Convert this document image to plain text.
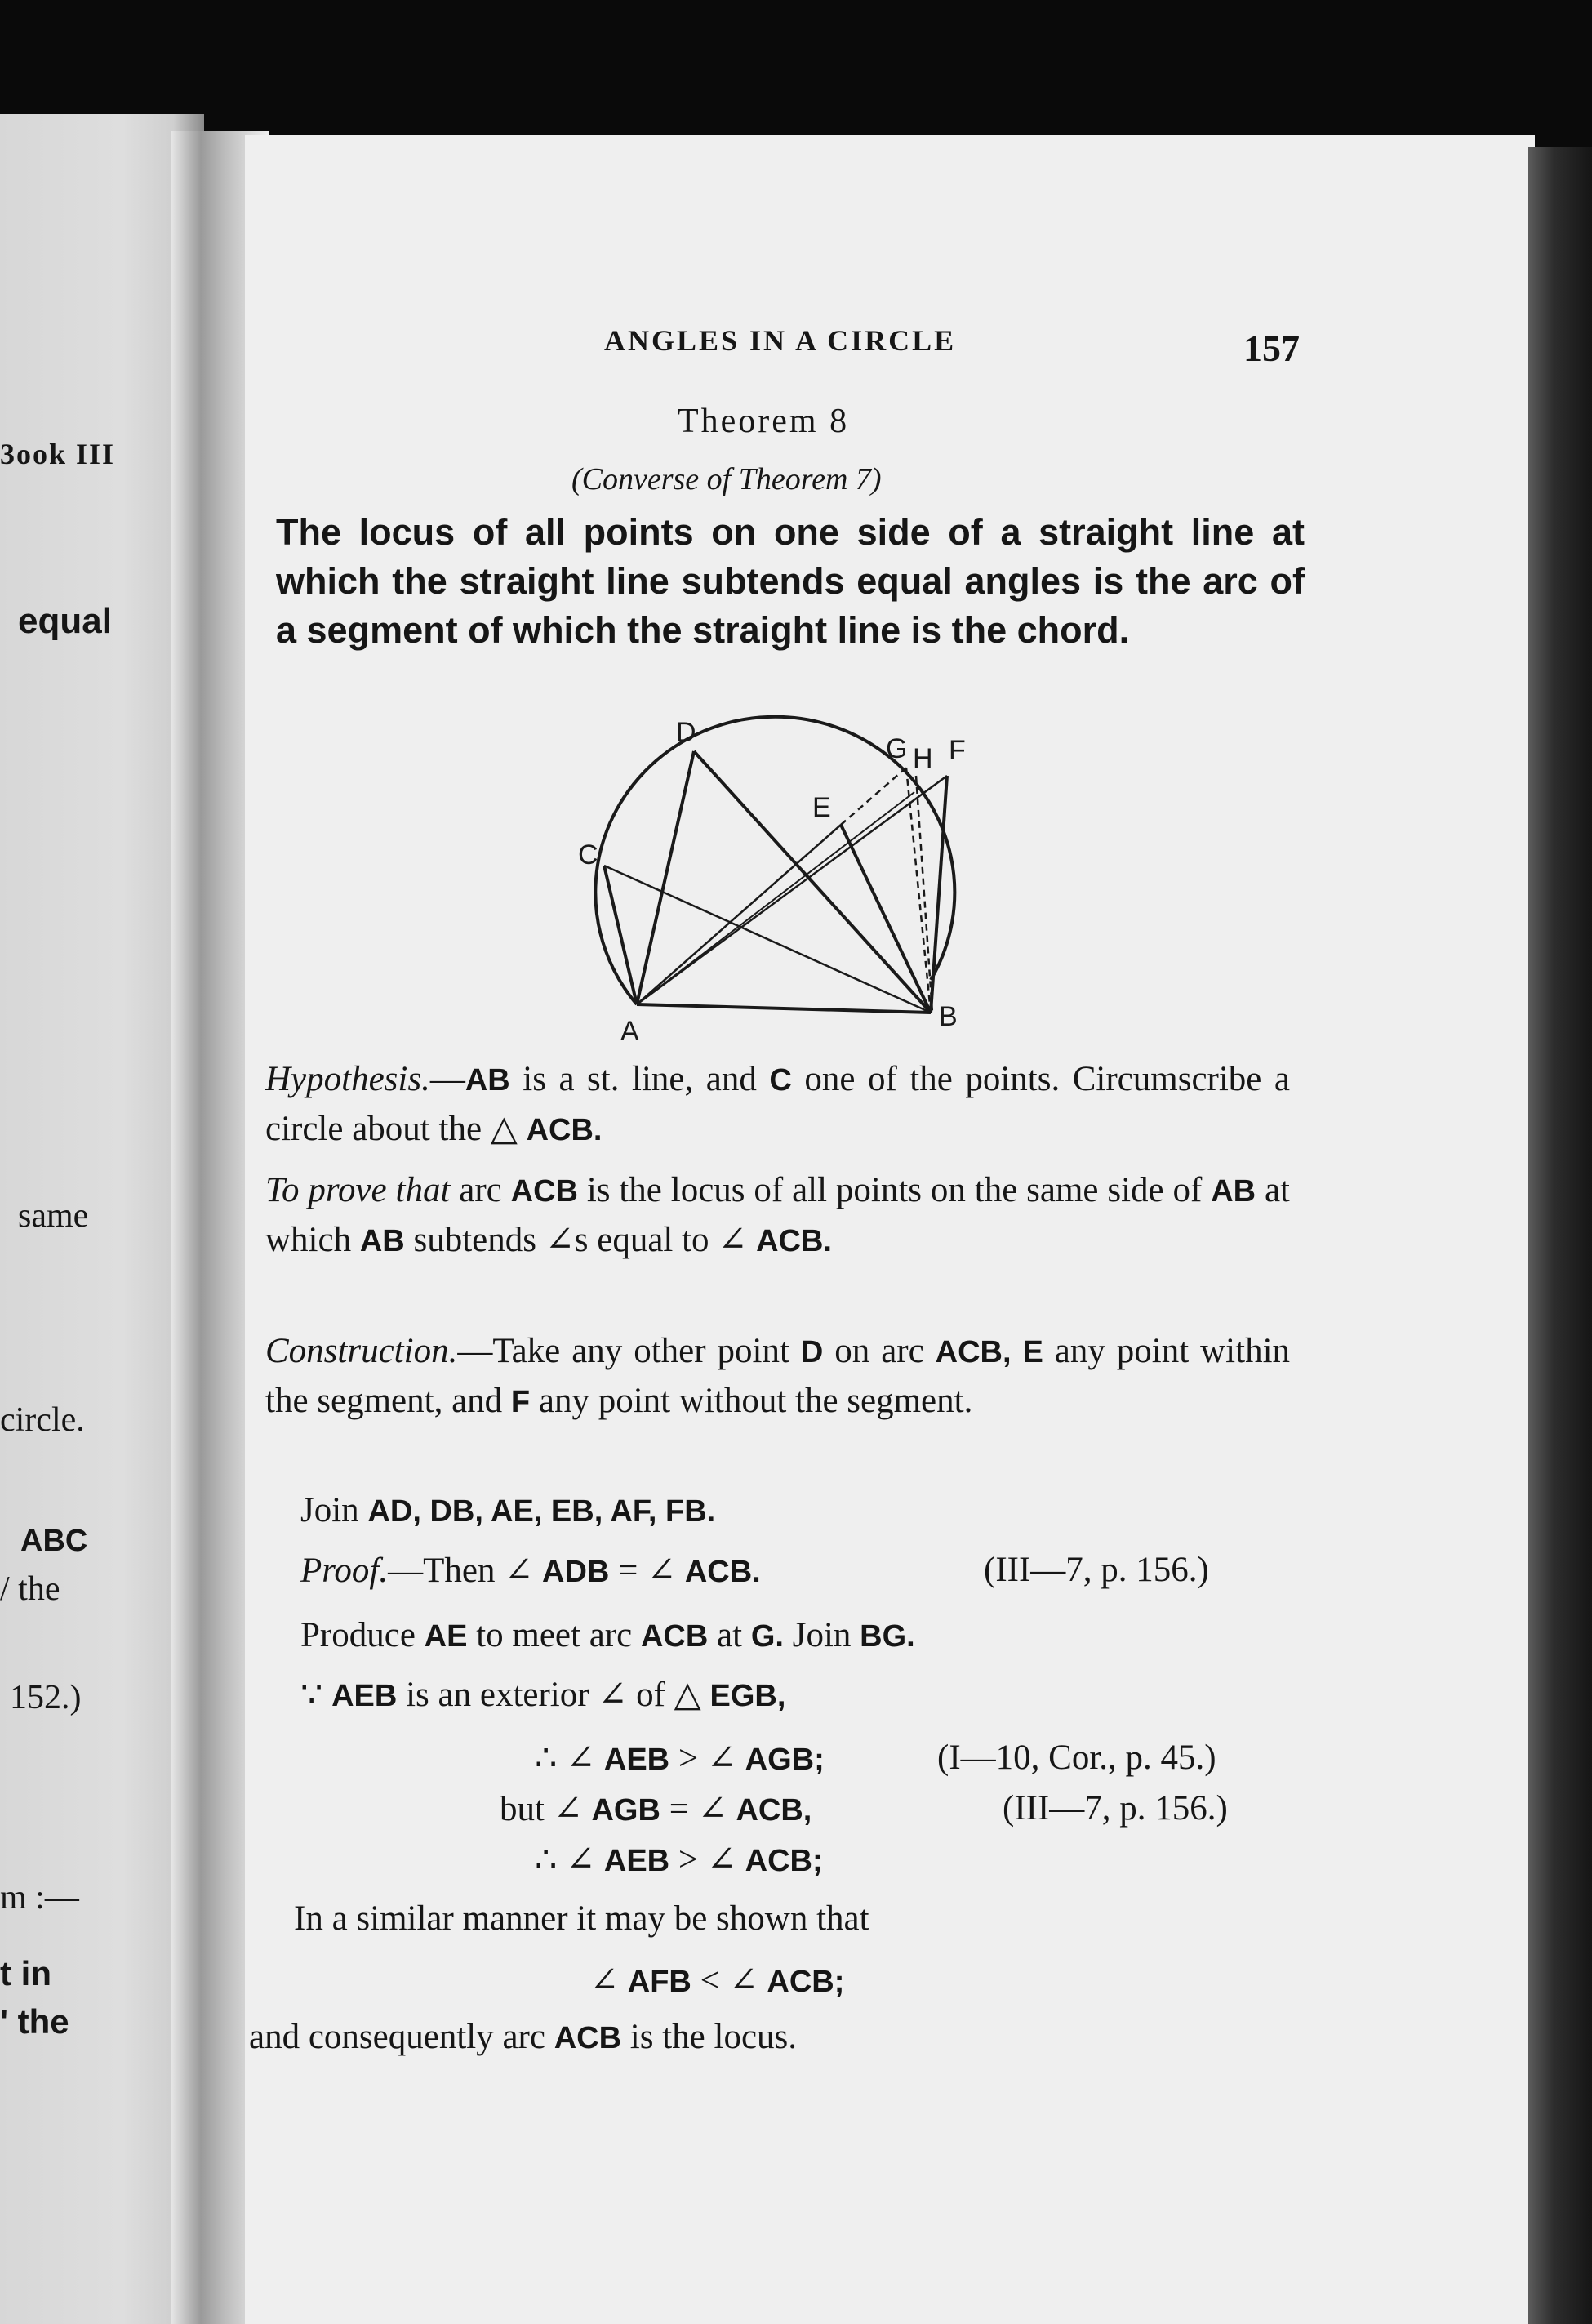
3ook III
equal
same
circle.
ABC
/ the
152.)
m :—
t in
' the
ANGLES IN A CIRCLE	157
Theorem 8
(Converse of Theorem 7)
The locus of all points on one side of a straight line at which the straight line subtends equal angles is the arc of a segment of which the straight line is the chord.
D
G H F
E
C
A	B
Hypothesis.—AB is a st. line, and C one of the points. Circumscribe a circle about the △ ACB.
To prove that arc ACB is the locus of all points on the same side of AB at which AB subtends ∠s equal to ∠ ACB.
Construction.—Take any other point D on arc ACB, E any point within the segment, and F any point without the segment.
Join AD, DB, AE, EB, AF, FB.
Proof.—Then ∠ ADB = ∠ ACB.	(III—7, p. 156.)
Produce AE to meet arc ACB at G. Join BG.
∵ AEB is an exterior ∠ of △ EGB,
∴ ∠ AEB > ∠ AGB;	(I—10, Cor., p. 45.)
but ∠ AGB = ∠ ACB,	(III—7, p. 156.)
∴ ∠ AEB > ∠ ACB;
In a similar manner it may be shown that
∠ AFB < ∠ ACB;
and consequently arc ACB is the locus.
